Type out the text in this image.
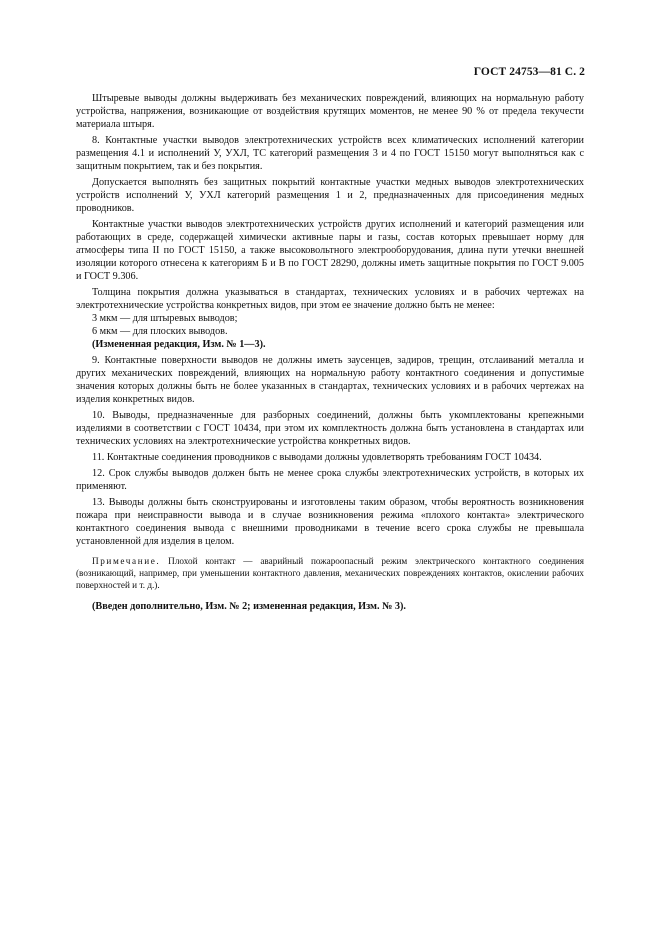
ГОСТ 24753—81 С. 2

Штыревые выводы должны выдерживать без механических повреждений, влияющих на нормальную работу устройства, напряжения, возникающие от воздействия крутящих моментов, не менее 90 % от предела текучести материала штыря.

8. Контактные участки выводов электротехнических устройств всех климатических исполнений категории размещения 4.1 и исполнений У, УХЛ, ТС категорий размещения 3 и 4 по ГОСТ 15150 могут выполняться как с защитным покрытием, так и без покрытия.

Допускается выполнять без защитных покрытий контактные участки медных выводов электротехнических устройств исполнений У, УХЛ категорий размещения 1 и 2, предназначенных для присоединения медных проводников.

Контактные участки выводов электротехнических устройств других исполнений и категорий размещения или работающих в среде, содержащей химически активные пары и газы, состав которых превышает норму для атмосферы типа II по ГОСТ 15150, а также высоковольтного электрооборудования, длина пути утечки внешней изоляции которого отнесена к категориям Б и В по ГОСТ 28290, должны иметь защитные покрытия по ГОСТ 9.005 и ГОСТ 9.306.

Толщина покрытия должна указываться в стандартах, технических условиях и в рабочих чертежах на электротехнические устройства конкретных видов, при этом ее значение должно быть не менее:

3 мкм — для штыревых выводов;

6 мкм — для плоских выводов.

(Измененная редакция, Изм. № 1—3).

9. Контактные поверхности выводов не должны иметь заусенцев, задиров, трещин, отслаиваний металла и других механических повреждений, влияющих на нормальную работу контактного соединения и допустимые значения которых должны быть не более указанных в стандартах, технических условиях и в рабочих чертежах на изделия конкретных видов.

10. Выводы, предназначенные для разборных соединений, должны быть укомплектованы крепежными изделиями в соответствии с ГОСТ 10434, при этом их комплектность должна быть установлена в стандартах или технических условиях на электротехнические устройства конкретных видов.

11. Контактные соединения проводников с выводами должны удовлетворять требованиям ГОСТ 10434.

12. Срок службы выводов должен быть не менее срока службы электротехнических устройств, в которых их применяют.

13. Выводы должны быть сконструированы и изготовлены таким образом, чтобы вероятность возникновения пожара при неисправности вывода и в случае возникновения режима «плохого контакта» электрического контактного соединения вывода с внешними проводниками в течение всего срока службы не превышала установленной для изделия в целом.

Примечание. Плохой контакт — аварийный пожароопасный режим электрического контактного соединения (возникающий, например, при уменьшении контактного давления, механических повреждениях контактов, окислении рабочих поверхностей и т. д.).

(Введен дополнительно, Изм. № 2; измененная редакция, Изм. № 3).
